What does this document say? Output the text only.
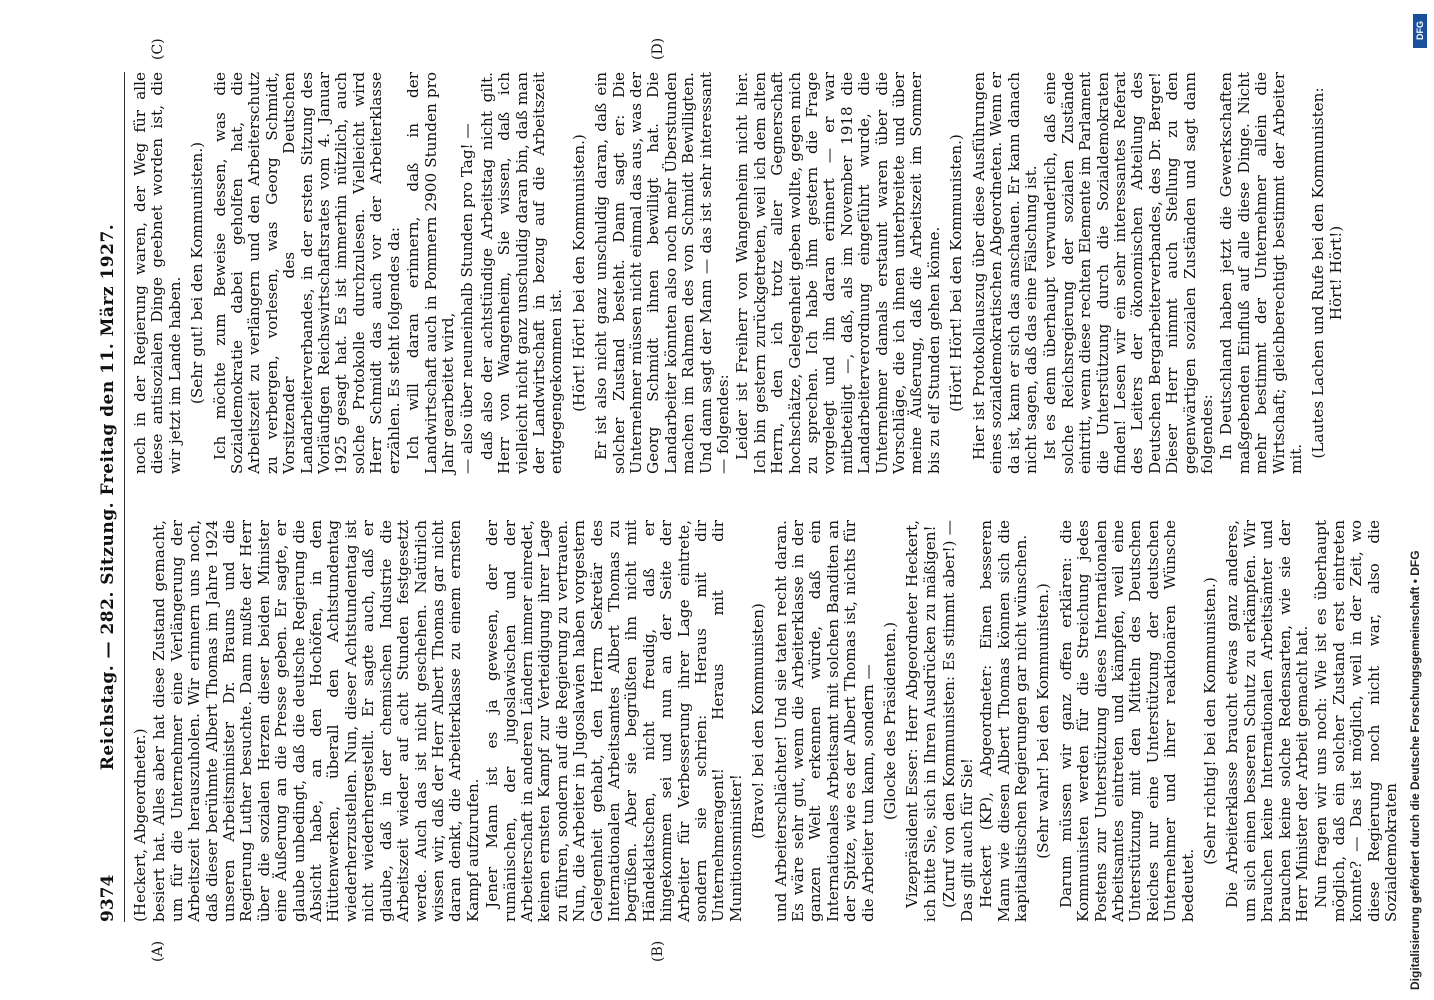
9374
Reichstag. — 282. Sitzung. Freitag den 11. März 1927.
(A)	(B)
(C)	(D)

(Heckert, Abgeordneter.) besiert hat. Alles aber hat diese Zustand gemacht, um für die Unternehmer eine Verlängerung der Arbeitszeit herauszuholen. Wir erinnern uns noch, daß dieser berühmte Albert Thomas im Jahre 1924 unseren Arbeitsminister Dr. Brauns und die Regierung Luther besuchte. Dann mußte der Herr über die sozialen Herzen dieser beiden Minister eine Äußerung an die Presse geben. Er sagte, er glaube unbedingt, daß die deutsche Regierung die Absicht habe, an den Hochöfen, in den Hüttenwerken, überall den Achtstundentag wiederherzustellen. Nun, dieser Achtstundentag ist nicht wiederhergestellt. Er sagte auch, daß er glaube, daß in der chemischen Industrie die Arbeitszeit wieder auf acht Stunden festgesetzt werde. Auch das ist nicht geschehen. Natürlich wissen wir, daß der Herr Albert Thomas gar nicht daran denkt, die Arbeiterklasse zu einem ernsten Kampf aufzurufen. Jener Mann ist es ja gewesen, der der rumänischen, der jugoslawischen und der Arbeiterschaft in anderen Ländern immer einredet, keinen ernsten Kampf zur Verteidigung ihrer Lage zu führen, sondern auf die Regierung zu vertrauen. Nun, die Arbeiter in Jugoslawien haben vorgestern Gelegenheit gehabt, den Herrn Sekretär des Internationalen Arbeitsamtes Albert Thomas zu begrüßen. Aber sie begrüßten ihn nicht mit Händeklatschen, nicht freudig, daß er hingekommen sei und nun an der Seite der Arbeiter für Verbesserung ihrer Lage eintrete, sondern sie schrien: Heraus mit dir Unternehmeragent! Heraus mit dir Munitionsminister!

(Bravo! bei den Kommunisten) und Arbeiterschlächter! Und sie taten recht daran. Es wäre sehr gut, wenn die Arbeiterklasse in der ganzen Welt erkennen würde, daß ein Internationales Arbeitsamt mit solchen Banditen an der Spitze, wie es der Albert Thomas ist, nichts für die Arbeiter tun kann, sondern — (Glocke des Präsidenten.) Vizepräsident Esser: Herr Abgeordneter Heckert, ich bitte Sie, sich in Ihren Ausdrücken zu mäßigen! (Zuruf von den Kommunisten: Es stimmt aber!) — Das gilt auch für Sie! Heckert (KP), Abgeordneter: Einen besseren Mann wie diesen Albert Thomas können sich die kapitalistischen Regierungen gar nicht wünschen. (Sehr wahr! bei den Kommunisten.) Darum müssen wir ganz offen erklären: die Kommunisten werden für die Streichung jedes Postens zur Unterstützung dieses Internationalen Arbeitsamtes eintreten und kämpfen, weil eine Unterstützung mit den Mitteln des Deutschen Reiches nur eine Unterstützung der deutschen Unternehmer und ihrer reaktionären Wünsche bedeutet.

(Sehr richtig! bei den Kommunisten.) Die Arbeiterklasse braucht etwas ganz anderes, um sich einen besseren Schutz zu erkämpfen. Wir brauchen keine Internationalen Arbeitsämter und brauchen keine solche Redensarten, wie sie der Herr Minister der Arbeit gemacht hat. Nun fragen wir uns noch: Wie ist es überhaupt möglich, daß ein solcher Zustand erst eintreten konnte? — Das ist möglich, weil in der Zeit, wo diese Regierung noch nicht war, also die Sozialdemokraten

noch in der Regierung waren, der Weg für alle diese antisozialen Dinge geebnet worden ist, die wir jetzt im Lande haben. (Sehr gut! bei den Kommunisten.) Ich möchte zum Beweise dessen, was die Sozialdemokratie dabei geholfen hat, die Arbeitszeit zu verlängern und den Arbeiterschutz zu verbergen, vorlesen, was Georg Schmidt, Vorsitzender des Deutschen Landarbeiterverbandes, in der ersten Sitzung des Vorläufigen Reichswirtschaftsrates vom 4. Januar 1925 gesagt hat. Es ist immerhin nützlich, auch solche Protokolle durchzulesen. Vielleicht wird Herr Schmidt das auch vor der Arbeiterklasse erzählen. Es steht folgendes da: Ich will daran erinnern, daß in der Landwirtschaft auch in Pommern 2900 Stunden pro Jahr gearbeitet wird, — also über neuneinhalb Stunden pro Tag! — daß also der achtstündige Arbeitstag nicht gilt. Herr von Wangenheim, Sie wissen, daß ich vielleicht nicht ganz unschuldig daran bin, daß man der Landwirtschaft in bezug auf die Arbeitszeit entgegengekommen ist. (Hört! Hört! bei den Kommunisten.) Er ist also nicht ganz unschuldig daran, daß ein solcher Zustand besteht. Dann sagt er: Die Unternehmer müssen nicht einmal das aus, was der Georg Schmidt ihnen bewilligt hat. Die Landarbeiter könnten also noch mehr Überstunden machen im Rahmen des von Schmidt Bewilligten. Und dann sagt der Mann — das ist sehr interessant — folgendes: Leider ist Freiherr von Wangenheim nicht hier. Ich bin gestern zurückgetreten, weil ich dem alten Herrn, den ich trotz aller Gegnerschaft hochschätze, Gelegenheit geben wollte, gegen mich zu sprechen. Ich habe ihm gestern die Frage vorgelegt und ihn daran erinnert — er war mitbeteiligt —, daß, als im November 1918 die Landarbeiterverordnung eingeführt wurde, die Unternehmer damals erstaunt waren über die Vorschläge, die ich ihnen unterbreitete und über meine Äußerung, daß die Arbeitszeit im Sommer bis zu elf Stunden gehen könne. (Hört! Hört! bei den Kommunisten.) Hier ist Protokollauszug über diese Ausführungen eines sozialdemokratischen Abgeordneten. Wenn er da ist, kann er sich das anschauen. Er kann danach nicht sagen, daß das eine Fälschung ist. Ist es denn überhaupt verwunderlich, daß eine solche Reichsregierung der sozialen Zustände eintritt, wenn diese rechten Elemente im Parlament die Unterstützung durch die Sozialdemokraten finden! Lesen wir ein sehr interessantes Referat des Leiters der ökonomischen Abteilung des Deutschen Bergarbeiterverbandes, des Dr. Berger! Dieser Herr nimmt auch Stellung zu den gegenwärtigen sozialen Zuständen und sagt dann folgendes: In Deutschland haben jetzt die Gewerkschaften maßgebenden Einfluß auf alle diese Dinge. Nicht mehr bestimmt der Unternehmer allein die Wirtschaft; gleichberechtigt bestimmt der Arbeiter mit.

(Lautes Lachen und Rufe bei den Kommunisten: Hört! Hört!)

Digitalisierung gefördert durch die Deutsche Forschungsgemeinschaft • DFG
DFG
